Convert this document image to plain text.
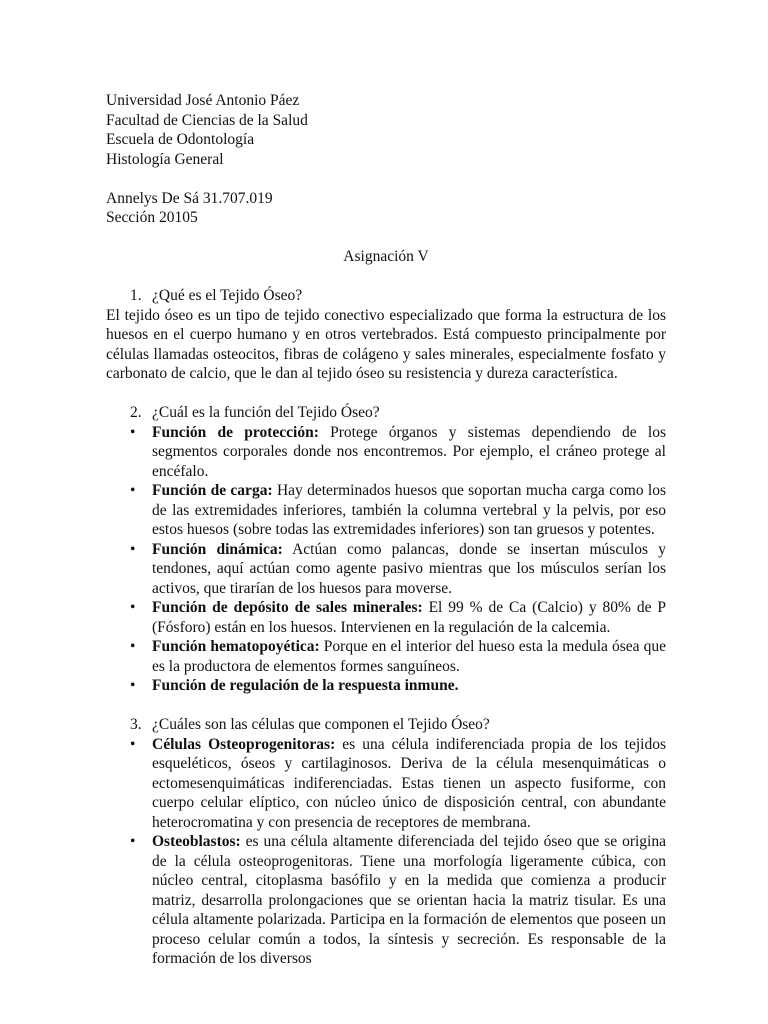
Universidad José Antonio Páez
Facultad de Ciencias de la Salud
Escuela de Odontología
Histología General
Annelys De Sá 31.707.019
Sección 20105
Asignación V
1. ¿Qué es el Tejido Óseo?
El tejido óseo es un tipo de tejido conectivo especializado que forma la estructura de los huesos en el cuerpo humano y en otros vertebrados. Está compuesto principalmente por células llamadas osteocitos, fibras de colágeno y sales minerales, especialmente fosfato y carbonato de calcio, que le dan al tejido óseo su resistencia y dureza característica.
2. ¿Cuál es la función del Tejido Óseo?
• Función de protección: Protege órganos y sistemas dependiendo de los segmentos corporales donde nos encontremos. Por ejemplo, el cráneo protege al encéfalo.
• Función de carga: Hay determinados huesos que soportan mucha carga como los de las extremidades inferiores, también la columna vertebral y la pelvis, por eso estos huesos (sobre todas las extremidades inferiores) son tan gruesos y potentes.
• Función dinámica: Actúan como palancas, donde se insertan músculos y tendones, aquí actúan como agente pasivo mientras que los músculos serían los activos, que tirarían de los huesos para moverse.
• Función de depósito de sales minerales: El 99 % de Ca (Calcio) y 80% de P (Fósforo) están en los huesos. Intervienen en la regulación de la calcemia.
• Función hematopoyética: Porque en el interior del hueso esta la medula ósea que es la productora de elementos formes sanguíneos.
• Función de regulación de la respuesta inmune.
3. ¿Cuáles son las células que componen el Tejido Óseo?
• Células Osteoprogenitoras: es una célula indiferenciada propia de los tejidos esqueléticos, óseos y cartilaginosos. Deriva de la célula mesenquimáticas o ectomesenquimáticas indiferenciadas. Estas tienen un aspecto fusiforme, con cuerpo celular elíptico, con núcleo único de disposición central, con abundante heterocromatina y con presencia de receptores de membrana.
• Osteoblastos: es una célula altamente diferenciada del tejido óseo que se origina de la célula osteoprogenitoras. Tiene una morfología ligeramente cúbica, con núcleo central, citoplasma basófilo y en la medida que comienza a producir matriz, desarrolla prolongaciones que se orientan hacia la matriz tisular. Es una célula altamente polarizada. Participa en la formación de elementos que poseen un proceso celular común a todos, la síntesis y secreción. Es responsable de la formación de los diversos
